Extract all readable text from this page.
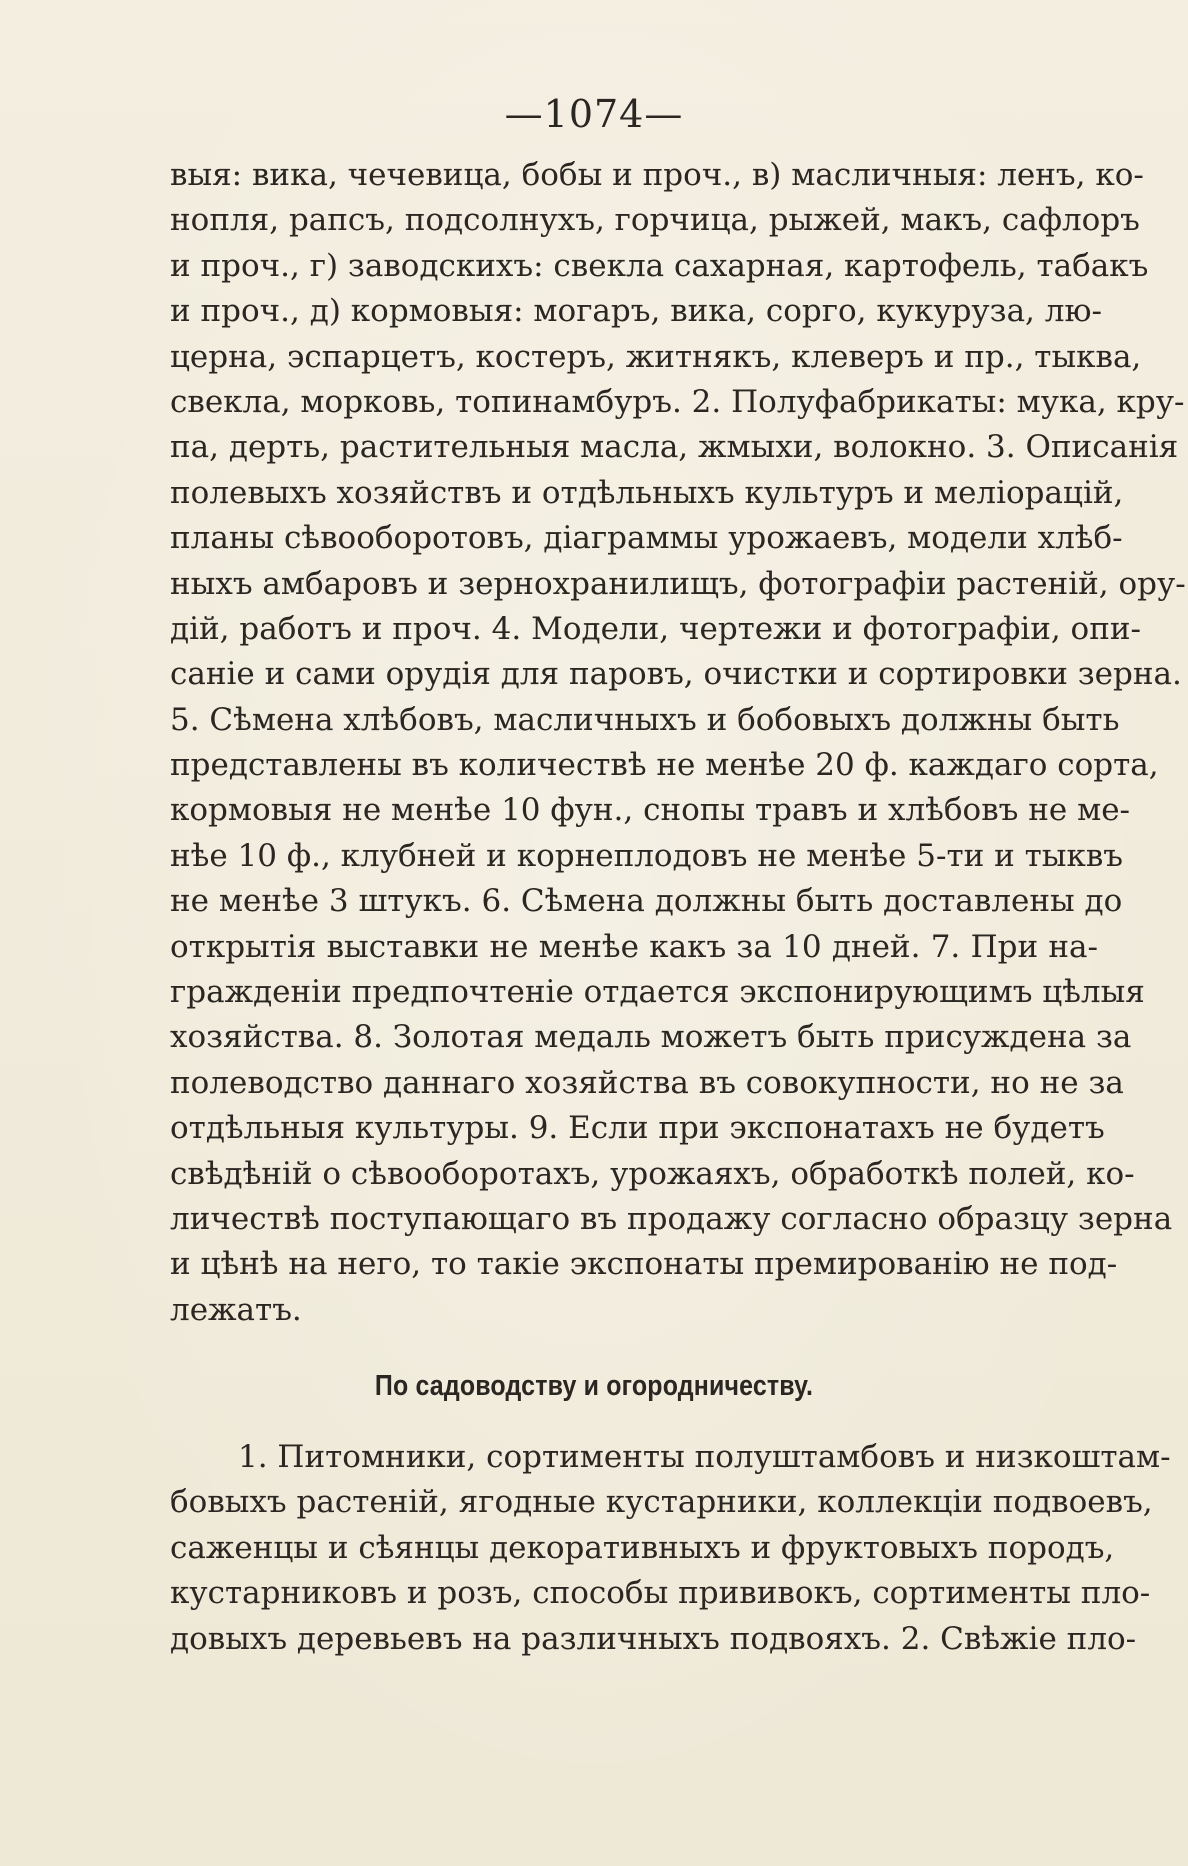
—1074—
выя: вика, чечевица, бобы и проч., в) масличныя: ленъ, ко-
нопля, рапсъ, подсолнухъ, горчица, рыжей, макъ, сафлоръ
и проч., г) заводскихъ: свекла сахарная, картофель, табакъ
и проч., д) кормовыя: могаръ, вика, сорго, кукуруза, лю-
церна, эспарцетъ, костеръ, житнякъ, клеверъ и пр., тыква,
свекла, морковь, топинамбуръ. 2. Полуфабрикаты: мука, кру-
па, дерть, растительныя масла, жмыхи, волокно. 3. Описанія
полевыхъ хозяйствъ и отдѣльныхъ культуръ и мелioрацiй,
планы сѣвооборотовъ, дiаграммы урожаевъ, модели хлѣб-
ныхъ амбаровъ и зернохранилищъ, фотографiи растенiй, ору-
дiй, работъ и проч. 4. Модели, чертежи и фотографiи, опи-
санiе и сами орудiя для паровъ, очистки и сортировки зерна.
5. Сѣмена хлѣбовъ, масличныхъ и бобовыхъ должны быть
представлены въ количествѣ не менѣе 20 ф. каждаго сорта,
кормовыя не менѣе 10 фун., снопы травъ и хлѣбовъ не ме-
нѣе 10 ф., клубней и корнеплодовъ не менѣе 5-ти и тыквъ
не менѣе 3 штукъ. 6. Сѣмена должны быть доставлены до
открытiя выставки не менѣе какъ за 10 дней. 7. При на-
гражденiи предпочтенiе отдается экспонирующимъ цѣлыя
хозяйства. 8. Золотая медаль можетъ быть присуждена за
полеводство даннаго хозяйства въ совокупности, но не за
отдѣльныя культуры. 9. Если при экспонатахъ не будетъ
свѣдѣнiй о сѣвооборотахъ, урожаяхъ, обработкѣ полей, ко-
личествѣ поступающаго въ продажу согласно образцу зерна
и цѣнѣ на него, то такiе экспонаты премированiю не под-
лежатъ.
По садоводству и огородничеству.
1. Питомники, сортименты полуштамбовъ и низкоштам-
бовыхъ растенiй, ягодные кустарники, коллекцiи подвоевъ,
саженцы и сѣянцы декоративныхъ и фруктовыхъ породъ,
кустарниковъ и розъ, способы прививокъ, сортименты пло-
довыхъ деревьевъ на различныхъ подвояхъ. 2. Свѣжiе пло-
